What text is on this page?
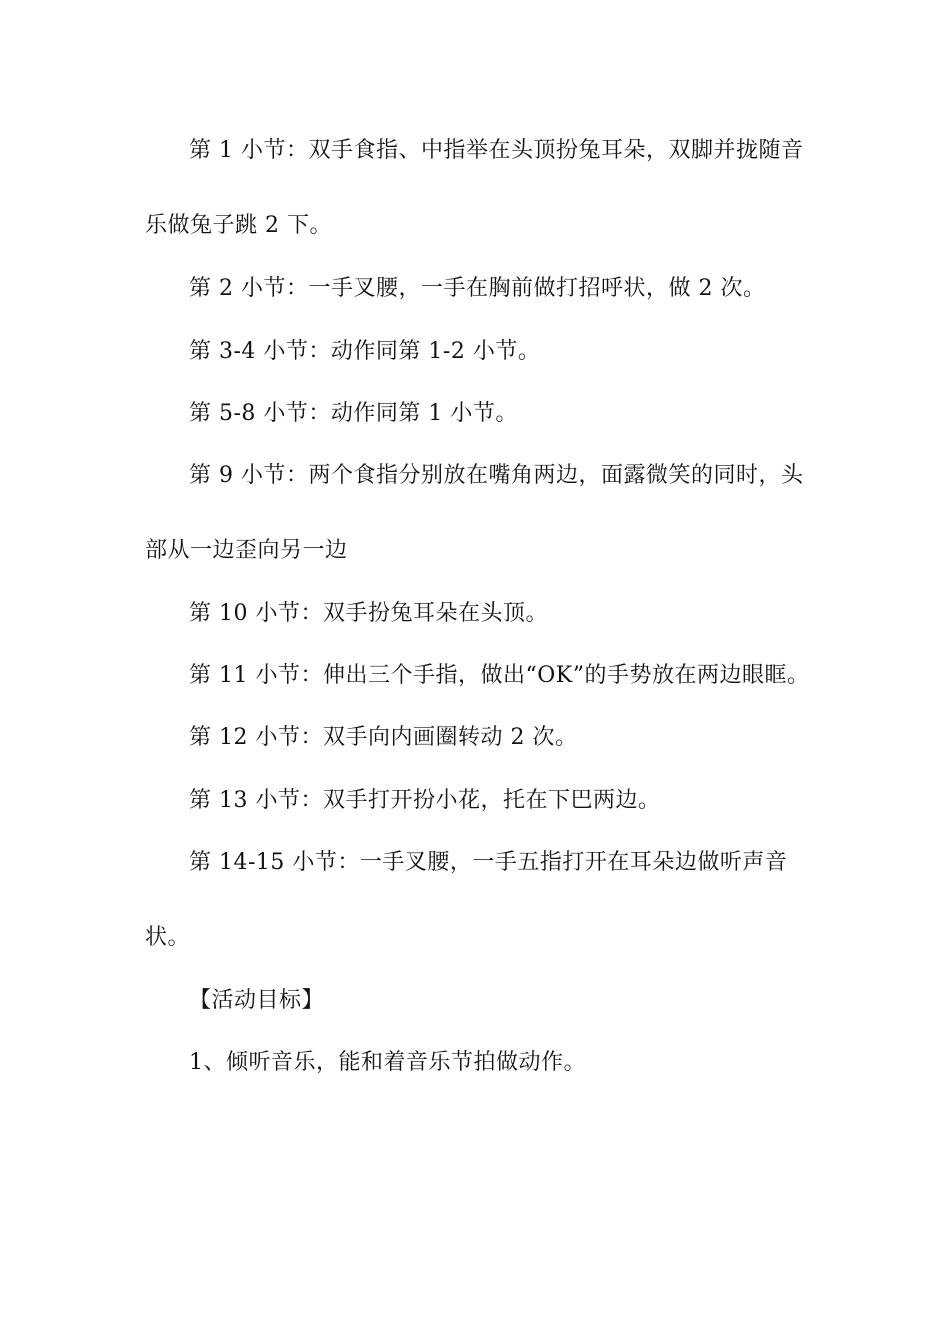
第 1 小节：双手食指、中指举在头顶扮兔耳朵，双脚并拢随音
乐做兔子跳 2 下。
第 2 小节：一手叉腰，一手在胸前做打招呼状，做 2 次。
第 3-4 小节：动作同第 1-2 小节。
第 5-8 小节：动作同第 1 小节。
第 9 小节：两个食指分别放在嘴角两边，面露微笑的同时，头
部从一边歪向另一边
第 10 小节：双手扮兔耳朵在头顶。
第 11 小节：伸出三个手指，做出“OK”的手势放在两边眼眶。
第 12 小节：双手向内画圈转动 2 次。
第 13 小节：双手打开扮小花，托在下巴两边。
第 14-15 小节：一手叉腰，一手五指打开在耳朵边做听声音
状。
【活动目标】
1、倾听音乐，能和着音乐节拍做动作。
